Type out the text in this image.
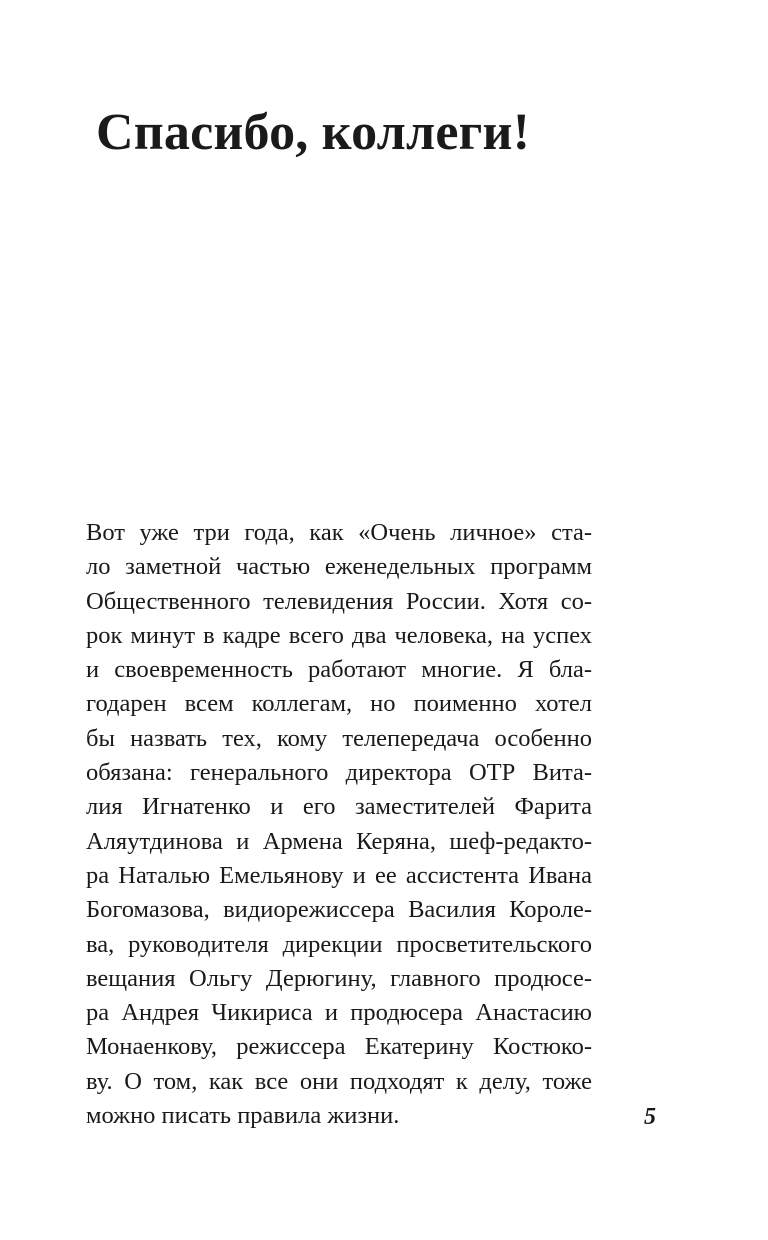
Спасибо, коллеги!
Вот уже три года, как «Очень личное» ста-
ло заметной частью еженедельных программ
Общественного телевидения России. Хотя со-
рок минут в кадре всего два человека, на успех
и своевременность работают многие. Я бла-
годарен всем коллегам, но поименно хотел
бы назвать тех, кому телепередача особенно
обязана: генерального директора ОТР Вита-
лия Игнатенко и его заместителей Фарита
Аляутдинова и Армена Керяна, шеф-редакто-
ра Наталью Емельянову и ее ассистента Ивана
Богомазова, видиорежиссера Василия Короле-
ва, руководителя дирекции просветительского
вещания Ольгу Дерюгину, главного продюсе-
ра Андрея Чикириса и продюсера Анастасию
Монаенкову, режиссера Екатерину Костюко-
ву. О том, как все они подходят к делу, тоже
можно писать правила жизни.	5
